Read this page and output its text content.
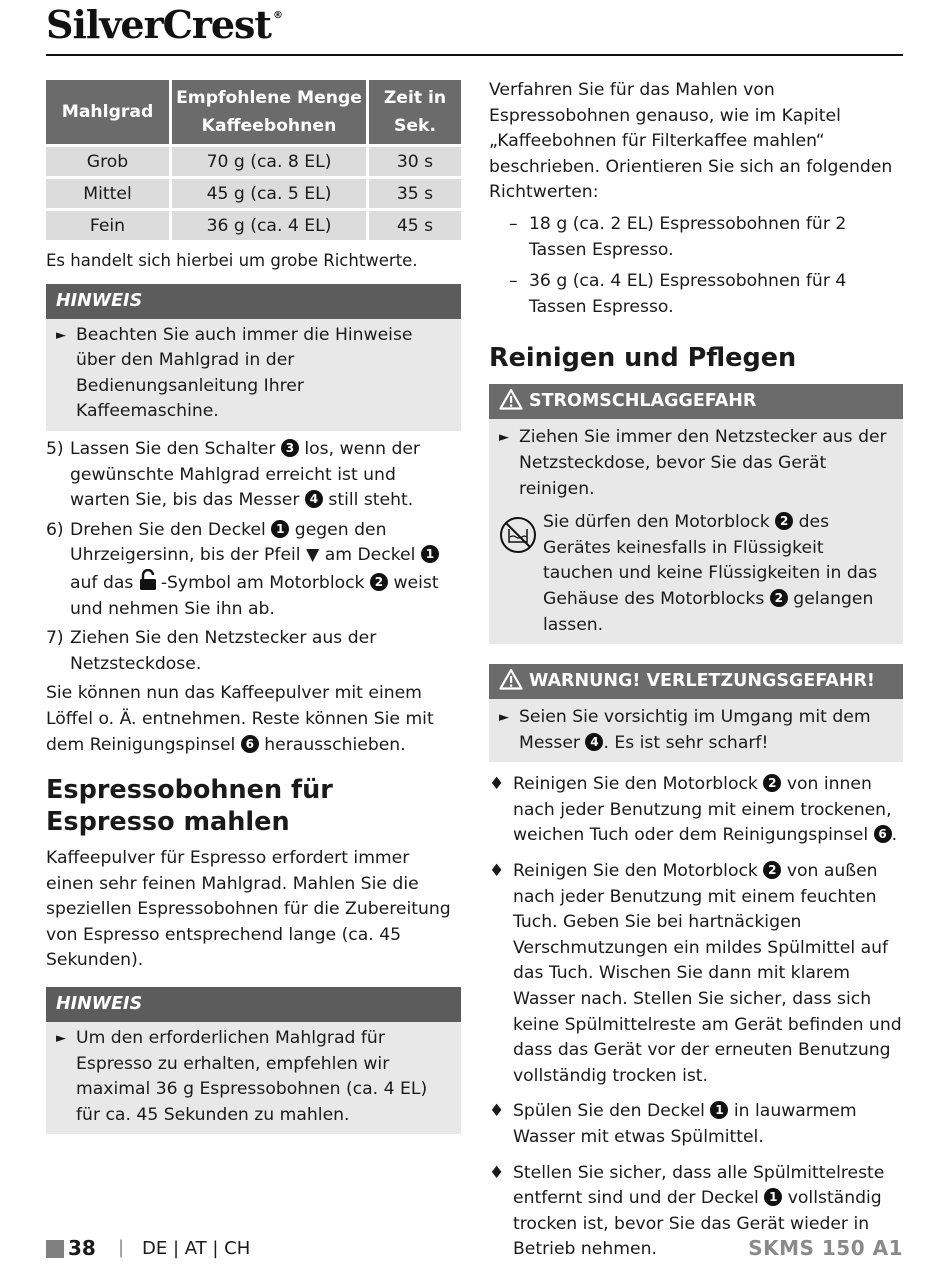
SilverCrest ®
Mahlgrad	Empfohlene Menge Kaffeebohnen	Zeit in Sek.
Grob	70 g (ca. 8 EL)	30 s
Mittel	45 g (ca. 5 EL)	35 s
Fein	36 g (ca. 4 EL)	45 s

Es handelt sich hierbei um grobe Richtwerte.

HINWEIS

► Beachten Sie auch immer die Hinweise über den Mahlgrad in der Bedienungsanleitung Ihrer Kaffeemaschine.

5) Lassen Sie den Schalter 3 los, wenn der gewünschte Mahlgrad erreicht ist und warten Sie, bis das Messer 4 still steht.

6) Drehen Sie den Deckel 1 gegen den Uhrzeigersinn, bis der Pfeil ▼ am Deckel 1 auf das -Symbol am Motorblock 2 weist und nehmen Sie ihn ab.

7) Ziehen Sie den Netzstecker aus der Netzsteckdose.

Sie können nun das Kaffeepulver mit einem Löffel o. Ä. entnehmen. Reste können Sie mit dem Reinigungspinsel 6 herausschieben.

Espressobohnen für Espresso mahlen

Kaffeepulver für Espresso erfordert immer einen sehr feinen Mahlgrad. Mahlen Sie die speziellen Espressobohnen für die Zubereitung von Espresso entsprechend lange (ca. 45 Sekunden).

HINWEIS

► Um den erforderlichen Mahlgrad für Espresso zu erhalten, empfehlen wir maximal 36 g Espressobohnen (ca. 4 EL) für ca. 45 Sekunden zu mahlen.

Verfahren Sie für das Mahlen von Espressobohnen genauso, wie im Kapitel „Kaffeebohnen für Filterkaffee mahlen“ beschrieben. Orientieren Sie sich an folgenden Richtwerten:

– 18 g (ca. 2 EL) Espressobohnen für 2 Tassen Espresso.

– 36 g (ca. 4 EL) Espressobohnen für 4 Tassen Espresso.

Reinigen und Pflegen
STROMSCHLAGGEFAHR

► Ziehen Sie immer den Netzstecker aus der Netzsteckdose, bevor Sie das Gerät reinigen.

Sie dürfen den Motorblock 2 des Gerätes keinesfalls in Flüssigkeit tauchen und keine Flüssigkeiten in das Gehäuse des Motorblocks 2 gelangen lassen.

WARNUNG! VERLETZUNGSGEFAHR!

► Seien Sie vorsichtig im Umgang mit dem Messer 4 . Es ist sehr scharf!

♦ Reinigen Sie den Motorblock 2 von innen nach jeder Benutzung mit einem trockenen, weichen Tuch oder dem Reinigungspinsel 6 .

♦ Reinigen Sie den Motorblock 2 von außen nach jeder Benutzung mit einem feuchten Tuch. Geben Sie bei hartnäckigen Verschmutzungen ein mildes Spülmittel auf das Tuch. Wischen Sie dann mit klarem Wasser nach. Stellen Sie sicher, dass sich keine Spülmittelreste am Gerät befinden und dass das Gerät vor der erneuten Benutzung vollständig trocken ist.

♦ Spülen Sie den Deckel 1 in lauwarmem Wasser mit etwas Spülmittel.

♦ Stellen Sie sicher, dass alle Spülmittelreste entfernt sind und der Deckel 1 vollständig trocken ist, bevor Sie das Gerät wieder in Betrieb nehmen.

38 | DE | AT | CH	SKMS 150 A1
